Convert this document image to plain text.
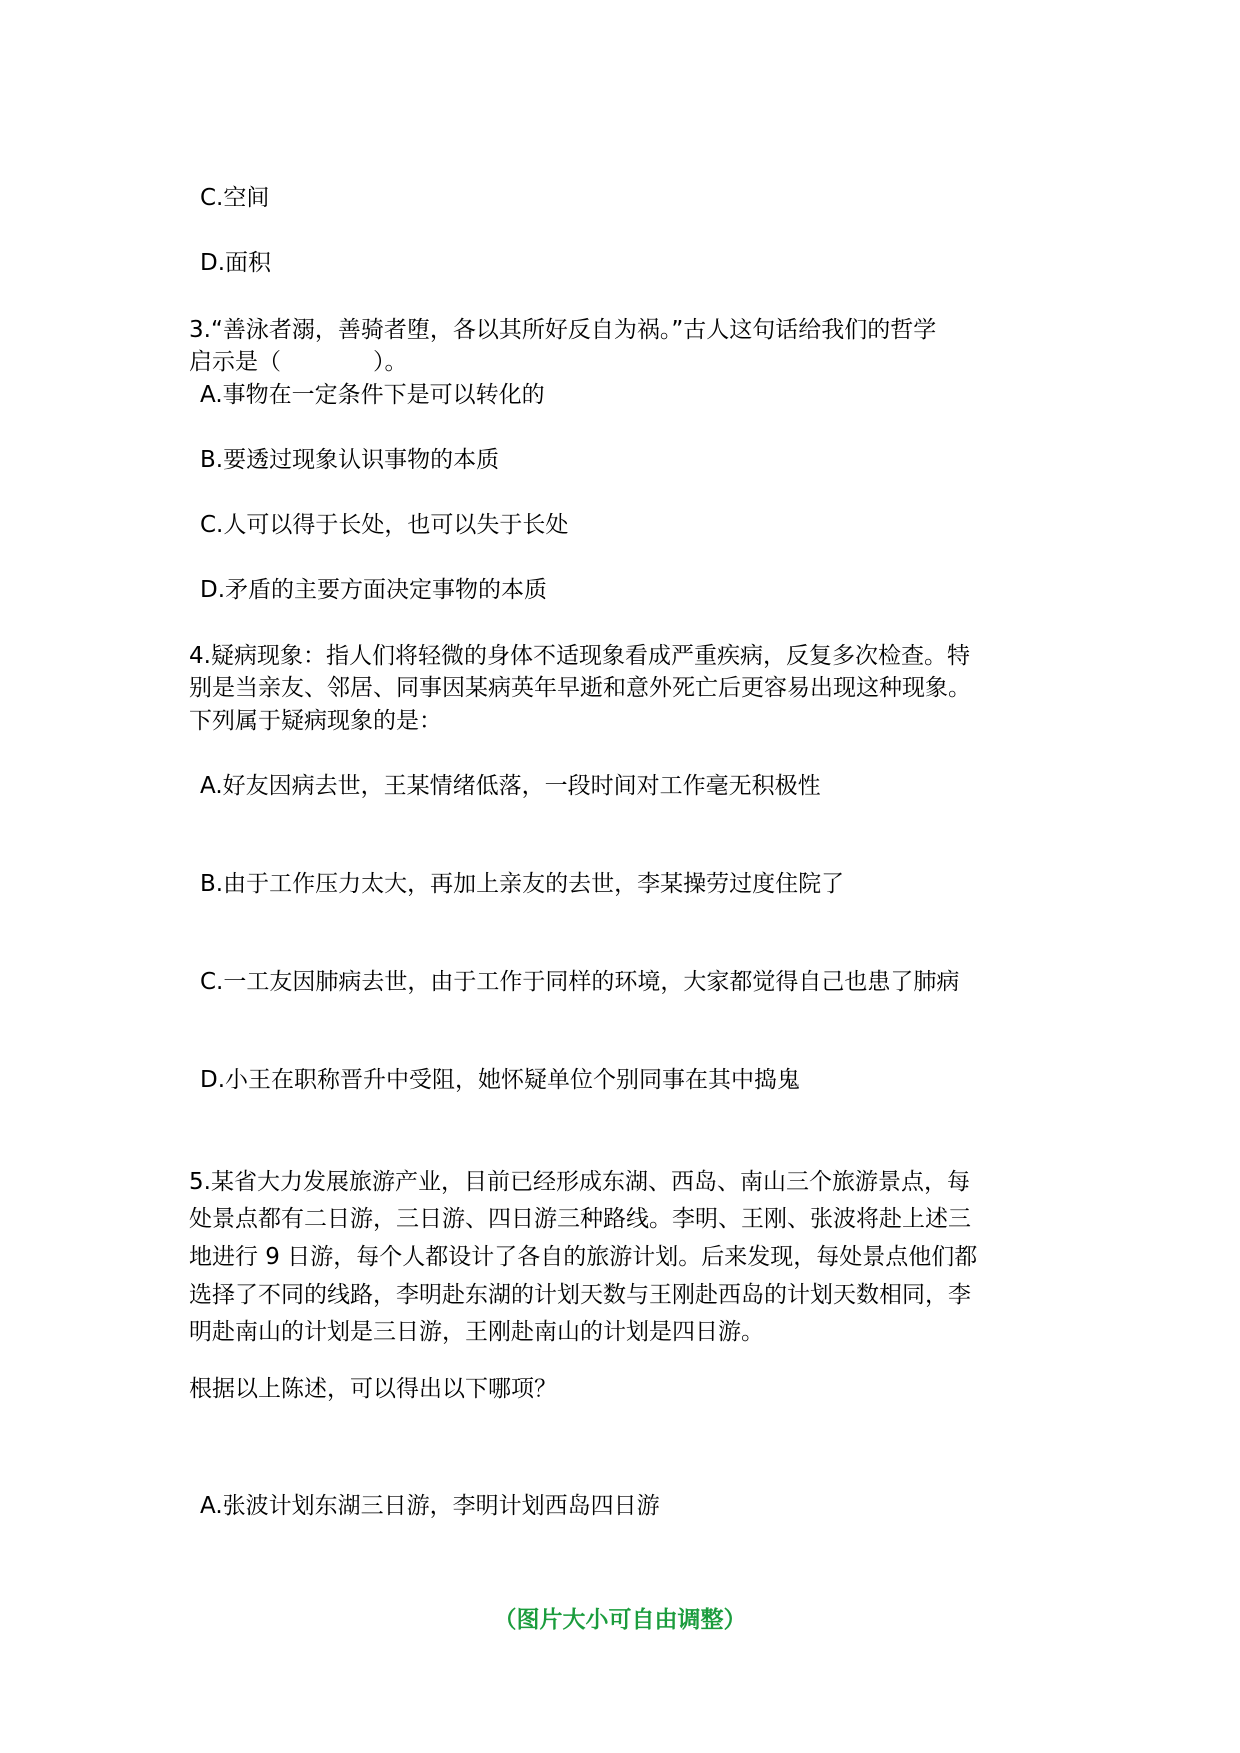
C.空间
D.面积
3.“善泳者溺，善骑者堕，各以其所好反自为祸。”古人这句话给我们的哲学
启示是（　　　　）。
A.事物在一定条件下是可以转化的
B.要透过现象认识事物的本质
C.人可以得于长处，也可以失于长处
D.矛盾的主要方面决定事物的本质
4.疑病现象：指人们将轻微的身体不适现象看成严重疾病，反复多次检查。特
别是当亲友、邻居、同事因某病英年早逝和意外死亡后更容易出现这种现象。
下列属于疑病现象的是：
A.好友因病去世，王某情绪低落，一段时间对工作毫无积极性
B.由于工作压力太大，再加上亲友的去世，李某操劳过度住院了
C.一工友因肺病去世，由于工作于同样的环境，大家都觉得自己也患了肺病
D.小王在职称晋升中受阻，她怀疑单位个别同事在其中捣鬼
5.某省大力发展旅游产业，目前已经形成东湖、西岛、南山三个旅游景点，每
处景点都有二日游，三日游、四日游三种路线。李明、王刚、张波将赴上述三
地进行 9 日游，每个人都设计了各自的旅游计划。后来发现，每处景点他们都
选择了不同的线路，李明赴东湖的计划天数与王刚赴西岛的计划天数相同，李
明赴南山的计划是三日游，王刚赴南山的计划是四日游。
根据以上陈述，可以得出以下哪项？
A.张波计划东湖三日游，李明计划西岛四日游
（图片大小可自由调整）
